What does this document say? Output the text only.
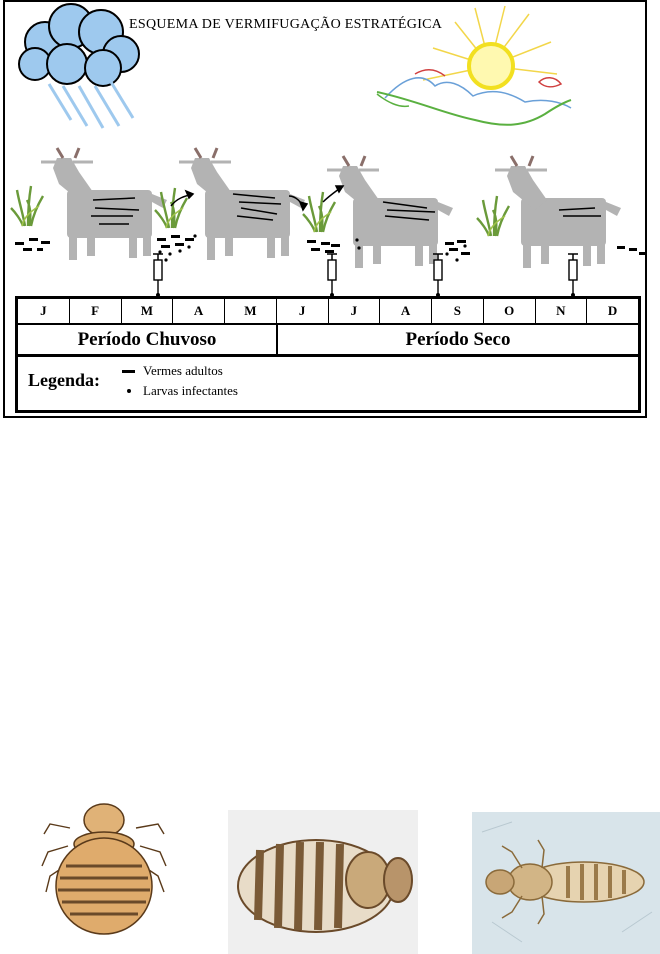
ESQUEMA DE VERMIFUGAÇÃO ESTRATÉGICA
J	F	M	A	M	J	J	A	S	O	N	D
Período Chuvoso	Período Seco
Legenda:	Vermes adultos
Larvas infectantes
